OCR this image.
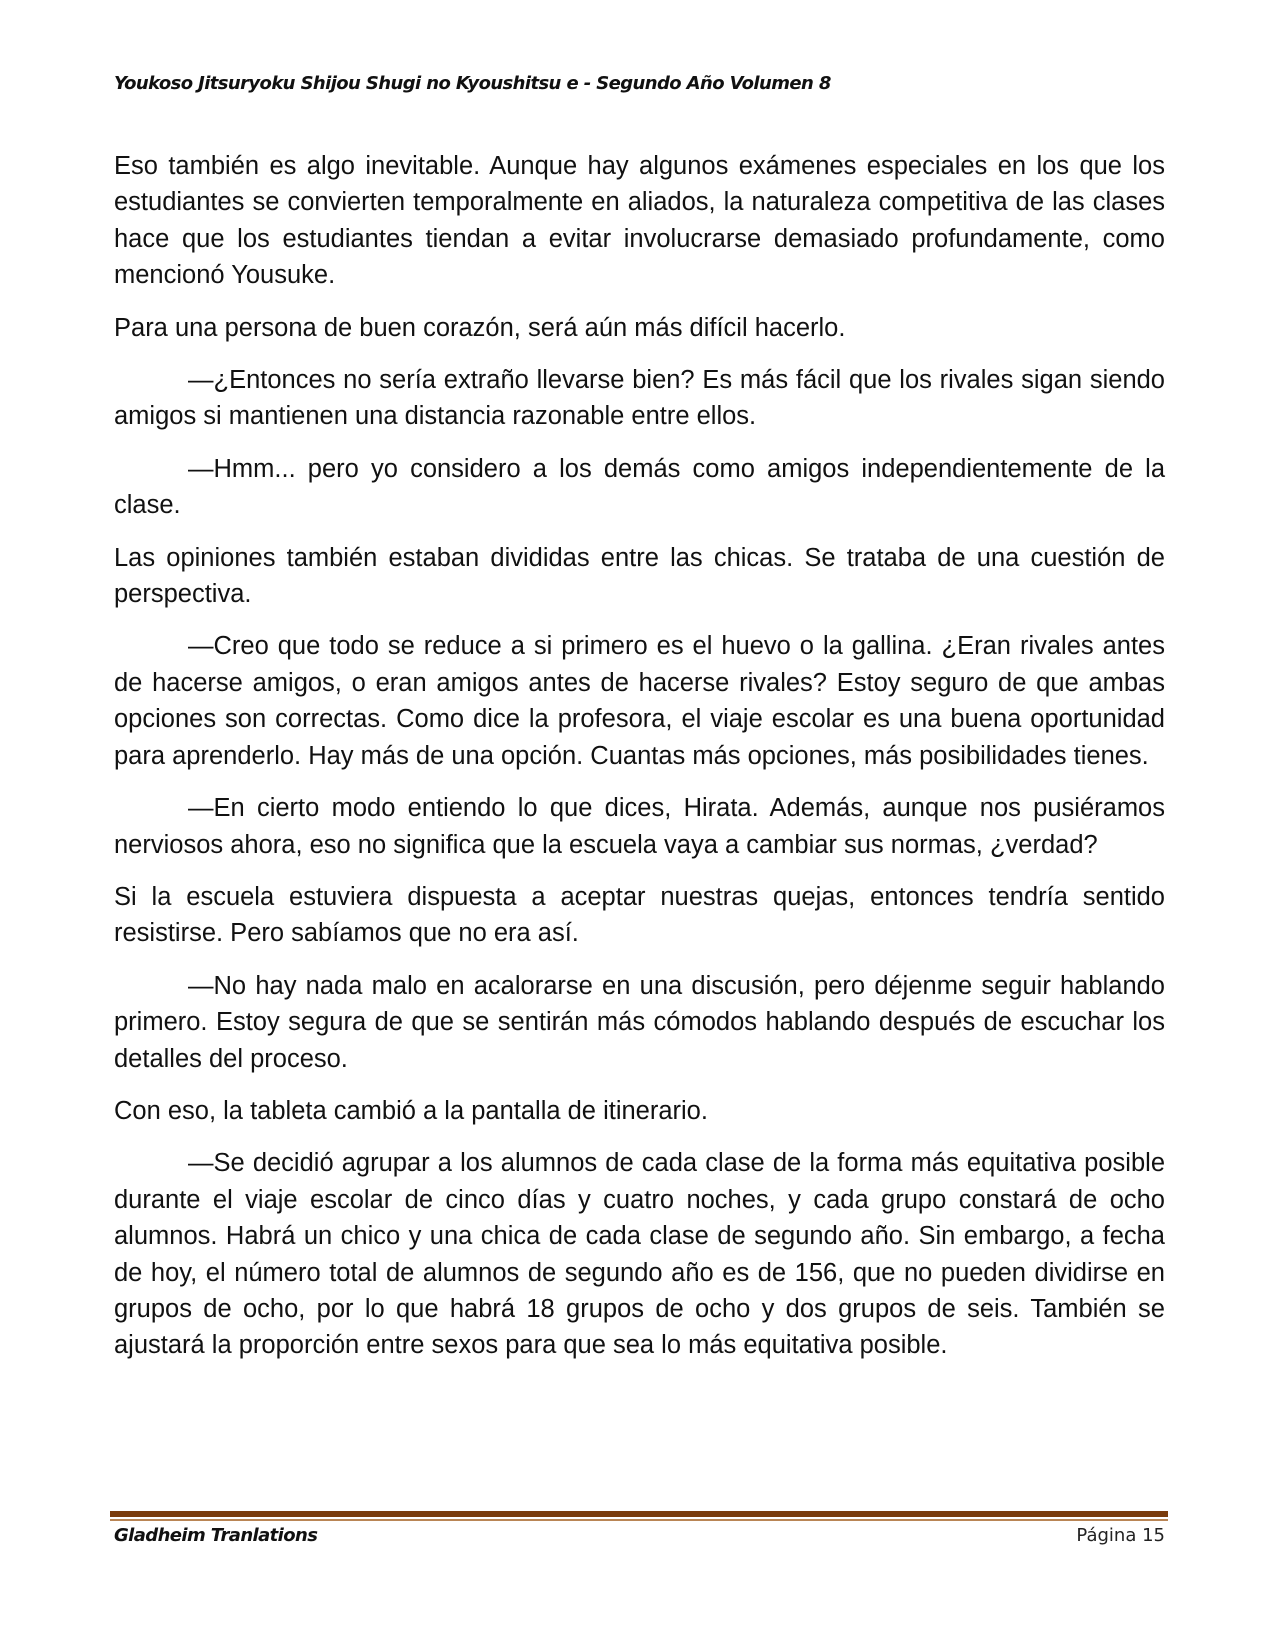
Youkoso Jitsuryoku Shijou Shugi no Kyoushitsu e - Segundo Año Volumen 8

Eso también es algo inevitable. Aunque hay algunos exámenes especiales en los que los estudiantes se convierten temporalmente en aliados, la naturaleza competitiva de las clases hace que los estudiantes tiendan a evitar involucrarse demasiado profundamente, como mencionó Yousuke.

Para una persona de buen corazón, será aún más difícil hacerlo.

—¿Entonces no sería extraño llevarse bien? Es más fácil que los rivales sigan siendo amigos si mantienen una distancia razonable entre ellos.

—Hmm... pero yo considero a los demás como amigos independientemente de la clase.

Las opiniones también estaban divididas entre las chicas. Se trataba de una cuestión de perspectiva.

—Creo que todo se reduce a si primero es el huevo o la gallina. ¿Eran rivales antes de hacerse amigos, o eran amigos antes de hacerse rivales? Estoy seguro de que ambas opciones son correctas. Como dice la profesora, el viaje escolar es una buena oportunidad para aprenderlo. Hay más de una opción. Cuantas más opciones, más posibilidades tienes.

—En cierto modo entiendo lo que dices, Hirata. Además, aunque nos pusiéramos nerviosos ahora, eso no significa que la escuela vaya a cambiar sus normas, ¿verdad?

Si la escuela estuviera dispuesta a aceptar nuestras quejas, entonces tendría sentido resistirse. Pero sabíamos que no era así.

—No hay nada malo en acalorarse en una discusión, pero déjenme seguir hablando primero. Estoy segura de que se sentirán más cómodos hablando después de escuchar los detalles del proceso.

Con eso, la tableta cambió a la pantalla de itinerario.

—Se decidió agrupar a los alumnos de cada clase de la forma más equitativa posible durante el viaje escolar de cinco días y cuatro noches, y cada grupo constará de ocho alumnos. Habrá un chico y una chica de cada clase de segundo año. Sin embargo, a fecha de hoy, el número total de alumnos de segundo año es de 156, que no pueden dividirse en grupos de ocho, por lo que habrá 18 grupos de ocho y dos grupos de seis. También se ajustará la proporción entre sexos para que sea lo más equitativa posible.

Gladheim Tranlations	Página 15
